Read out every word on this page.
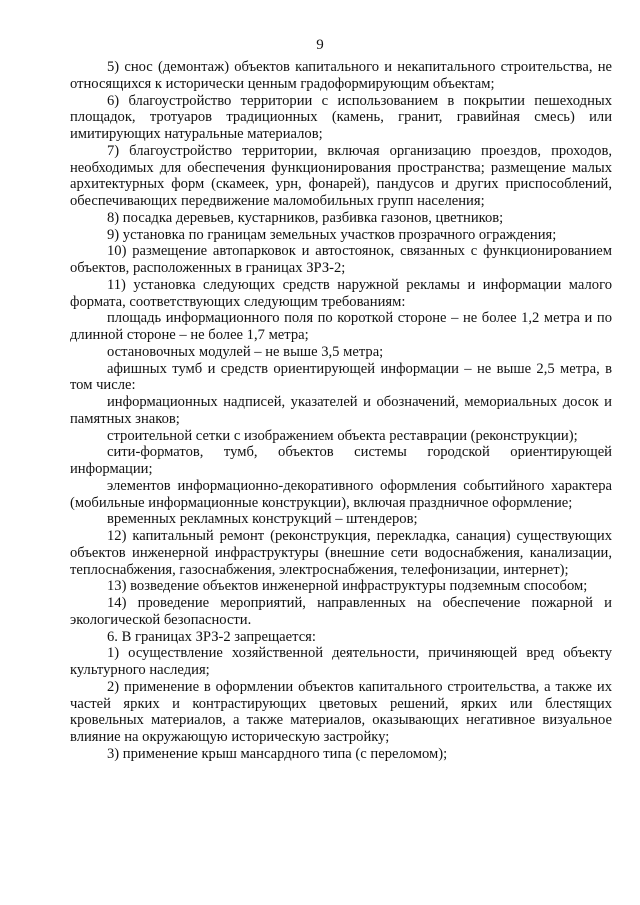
9

5) снос (демонтаж) объектов капитального и некапитального строительства, не относящихся к исторически ценным градоформирующим объектам;

6) благоустройство территории с использованием в покрытии пешеходных площадок, тротуаров традиционных (камень, гранит, гравийная смесь) или имитирующих натуральные материалов;

7) благоустройство территории, включая организацию проездов, проходов, необходимых для обеспечения функционирования пространства; размещение малых архитектурных форм (скамеек, урн, фонарей), пандусов и других приспособлений, обеспечивающих передвижение маломобильных групп населения;

8) посадка деревьев, кустарников, разбивка газонов, цветников;

9) установка по границам земельных участков прозрачного ограждения;

10) размещение автопарковок и автостоянок, связанных с функционированием объектов, расположенных в границах ЗРЗ-2;

11) установка следующих средств наружной рекламы и информации малого формата, соответствующих следующим требованиям:

площадь информационного поля по короткой стороне – не более 1,2 метра и по длинной стороне – не более 1,7 метра;

остановочных модулей – не выше 3,5 метра;

афишных тумб и средств ориентирующей информации – не выше 2,5 метра, в том числе:

информационных надписей, указателей и обозначений, мемориальных досок и памятных знаков;

строительной сетки с изображением объекта реставрации (реконструкции);

сити-форматов, тумб, объектов системы городской ориентирующей информации;

элементов информационно-декоративного оформления событийного характера (мобильные информационные конструкции), включая праздничное оформление;

временных рекламных конструкций – штендеров;

12) капитальный ремонт (реконструкция, перекладка, санация) существующих объектов инженерной инфраструктуры (внешние сети водоснабжения, канализации, теплоснабжения, газоснабжения, электроснабжения, телефонизации, интернет);

13) возведение объектов инженерной инфраструктуры подземным способом;

14) проведение мероприятий, направленных на обеспечение пожарной и экологической безопасности.

6. В границах ЗРЗ-2 запрещается:

1) осуществление хозяйственной деятельности, причиняющей вред объекту культурного наследия;

2) применение в оформлении объектов капитального строительства, а также их частей ярких и контрастирующих цветовых решений, ярких или блестящих кровельных материалов, а также материалов, оказывающих негативное визуальное влияние на окружающую историческую застройку;

3) применение крыш мансардного типа (с переломом);
